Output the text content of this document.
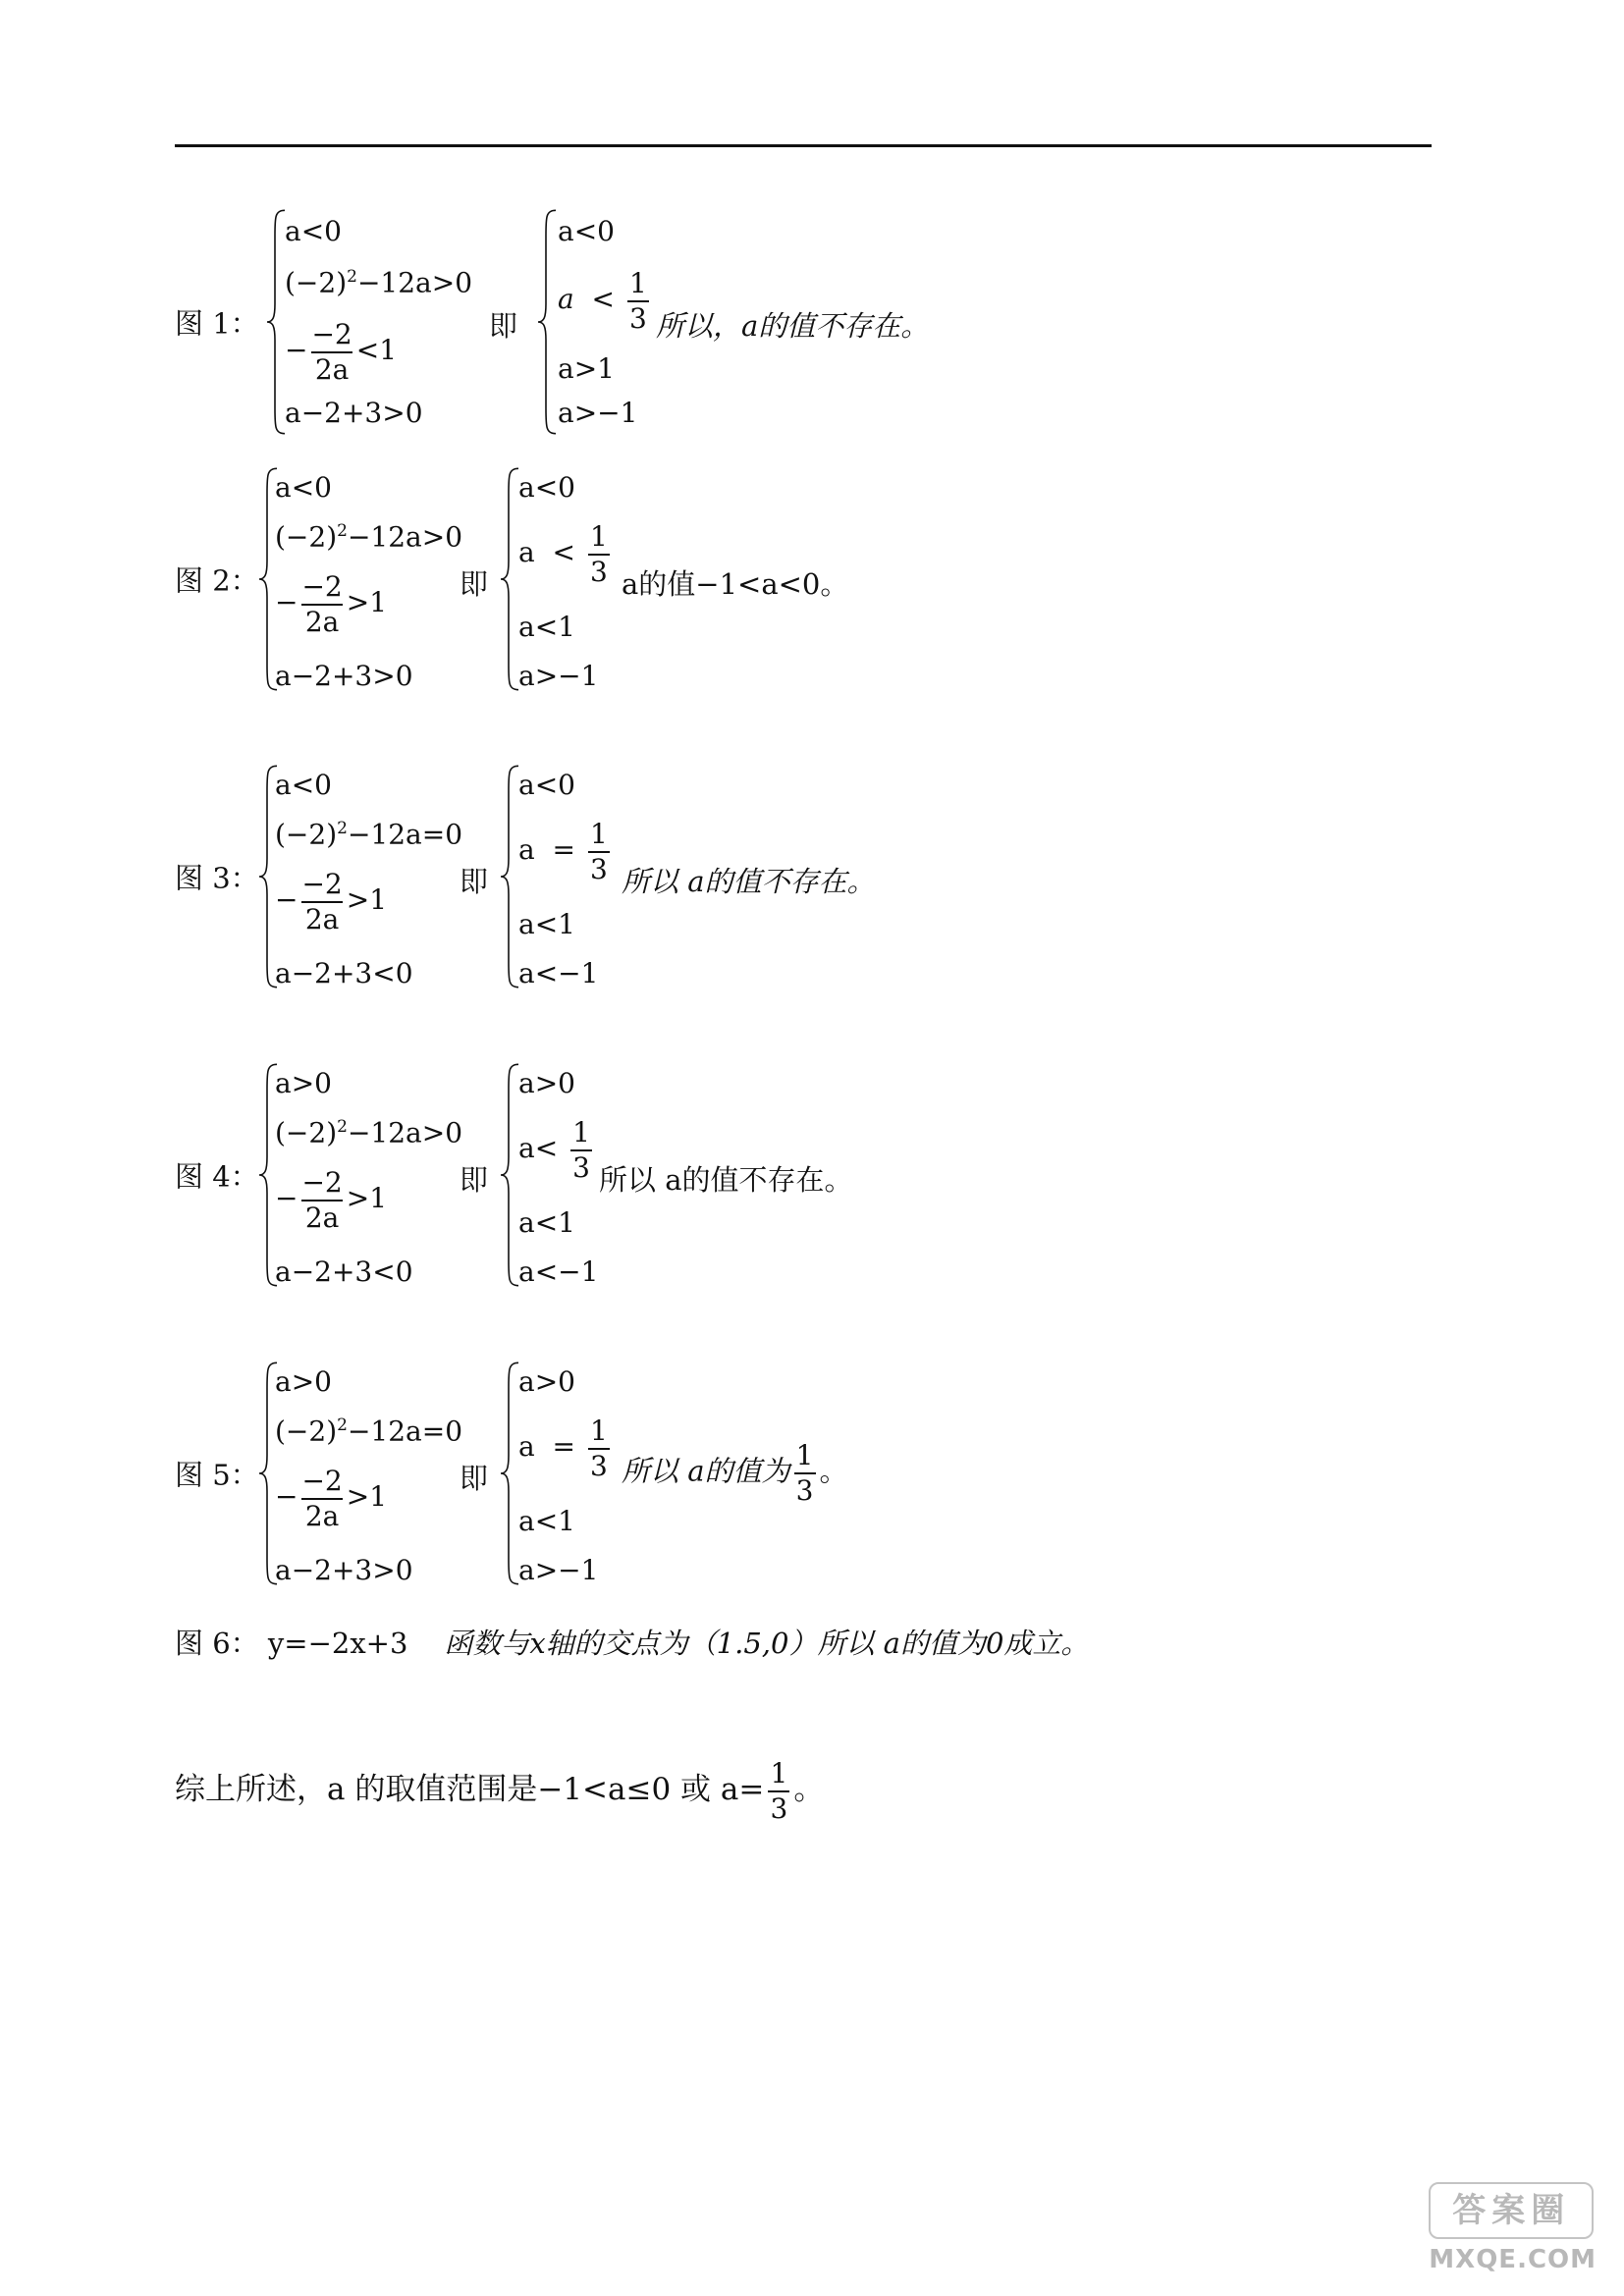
图 1：
a<0
$(-2)^2-12a>0$
− $\frac{-2}{2a} <1$
a−2+3>0
即
a<0
$a < \frac{1}{3}$
a>1
a>−1
所以，a的值不存在。
图 2：
a<0
$(-2)^2-12a>0$
− $\frac{-2}{2a} >1$
a−2+3>0
即
a<0
$a < \frac{1}{3}$
a<1
a>−1
a的值−1<a<0。
图 3：
a<0
$(-2)^2-12a=0$
− $\frac{-2}{2a} >1$
a−2+3<0
即
a<0
$a = \frac{1}{3}$
a<1
a<−1
所以 a的值不存在。
图 4：
a>0
$(-2)^2-12a>0$
− $\frac{-2}{2a} >1$
a−2+3<0
即
a>0
$a< \frac{1}{3}$
a<1
a<−1
所以 a的值不存在。
图 5：
a>0
$(-2)^2-12a=0$
− $\frac{-2}{2a} >1$
a−2+3>0
即
a>0
$a = \frac{1}{3}$
a<1
a>−1
所以 a的值为 $\frac{1}{3}$ 。
图 6： y=−2x+3 函数与x轴的交点为（1.5,0）所以 a的值为0成立。
综上所述，a 的取值范围是−1<a≤0 或 $a= \frac{1}{3}$ 。
答案圈
MXQE.COM
